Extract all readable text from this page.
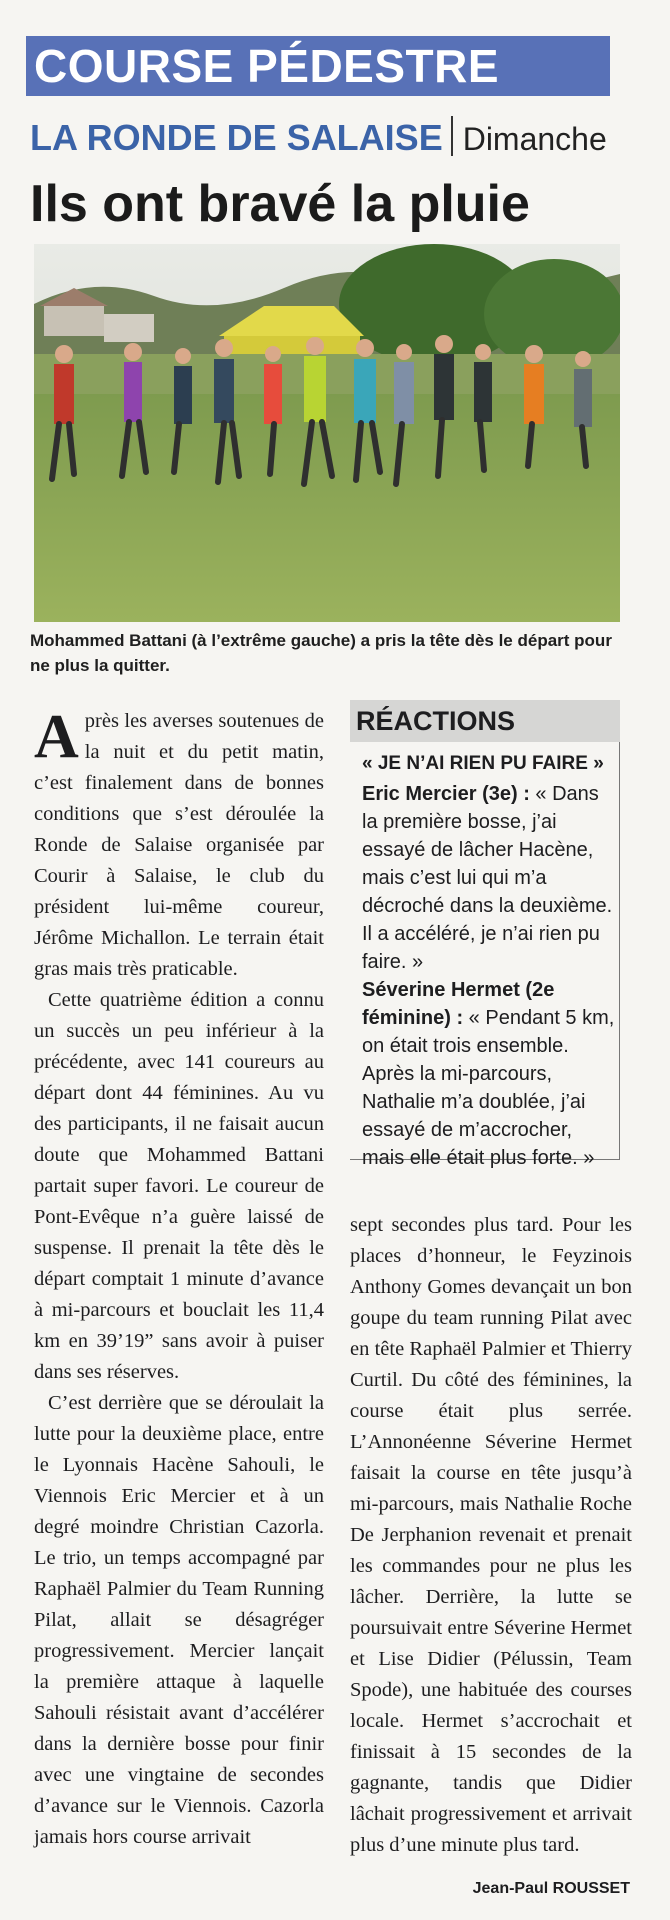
COURSE PÉDESTRE
LA RONDE DE SALAISE Dimanche
Ils ont bravé la pluie
Mohammed Battani (à l’extrême gauche) a pris la tête dès le départ pour ne plus la quitter.

Après les averses soutenues de la nuit et du petit matin, c’est finalement dans de bonnes conditions que s’est déroulée la Ronde de Salaise organisée par Courir à Salaise, le club du président lui-même coureur, Jérôme Michallon. Le terrain était gras mais très praticable.

Cette quatrième édition a connu un succès un peu inférieur à la précédente, avec 141 coureurs au départ dont 44 féminines. Au vu des participants, il ne faisait aucun doute que Mohammed Battani partait super favori. Le coureur de Pont-Evêque n’a guère laissé de suspense. Il prenait la tête dès le départ comptait 1 minute d’avance à mi-parcours et bouclait les 11,4 km en 39’19” sans avoir à puiser dans ses réserves.

C’est derrière que se déroulait la lutte pour la deuxième place, entre le Lyonnais Hacène Sahouli, le Viennois Eric Mercier et à un degré moindre Christian Cazorla. Le trio, un temps accompagné par Raphaël Palmier du Team Running Pilat, allait se désagréger progressivement. Mercier lançait la première attaque à laquelle Sahouli résistait avant d’accélérer dans la dernière bosse pour finir avec une vingtaine de secondes d’avance sur le Viennois. Cazorla jamais hors course arrivait

RÉACTIONS
« JE N’AI RIEN PU FAIRE »
Eric Mercier (3e) : « Dans la première bosse, j’ai essayé de lâcher Hacène, mais c’est lui qui m’a décroché dans la deuxième. Il a accéléré, je n’ai rien pu faire. »
Séverine Hermet (2e féminine) : « Pendant 5 km, on était trois ensemble. Après la mi-parcours, Nathalie m’a doublée, j’ai essayé de m’accrocher, mais elle était plus forte. »

sept secondes plus tard. Pour les places d’honneur, le Feyzinois Anthony Gomes devançait un bon goupe du team running Pilat avec en tête Raphaël Palmier et Thierry Curtil. Du côté des féminines, la course était plus serrée. L’Annonéenne Séverine Hermet faisait la course en tête jusqu’à mi-parcours, mais Nathalie Roche De Jerphanion revenait et prenait les commandes pour ne plus les lâcher. Derrière, la lutte se poursuivait entre Séverine Hermet et Lise Didier (Pélussin, Team Spode), une habituée des courses locale. Hermet s’accrochait et finissait à 15 secondes de la gagnante, tandis que Didier lâchait progressivement et arrivait plus d’une minute plus tard.

Jean-Paul ROUSSET
